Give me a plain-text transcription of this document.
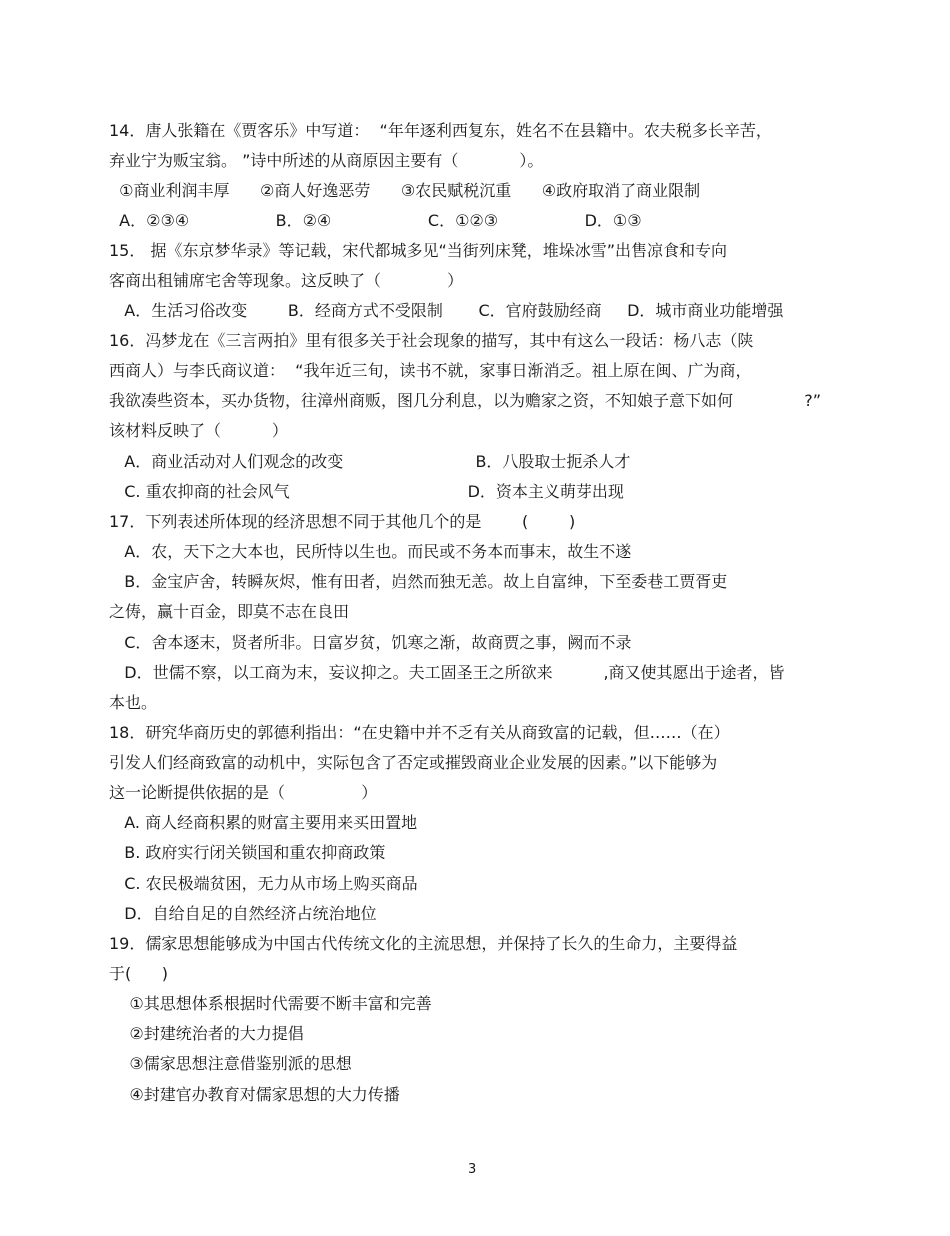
14．唐人张籍在《贾客乐》中写道：  “年年逐利西复东，姓名不在县籍中。农夫税多长辛苦，
弃业宁为贩宝翁。 ”诗中所述的从商原因主要有（            ）。
①商业利润丰厚      ②商人好逸恶劳      ③农民赋税沉重      ④政府取消了商业限制
A．②③④                 B．②④                   C．①②③                 D．①③
15． 据《东京梦华录》等记载，宋代都城多见“当街列床凳，堆垛冰雪”出售凉食和专向
客商出租铺席宅舍等现象。这反映了（             ）
A．生活习俗改变        B．经商方式不受限制       C．官府鼓励经商     D．城市商业功能增强
16．冯梦龙在《三言两拍》里有很多关于社会现象的描写，其中有这么一段话：杨八志（陕
西商人）与李氏商议道：  “我年近三旬，读书不就，家事日渐消乏。祖上原在闽、广为商，
我欲凑些资本，买办货物，往漳州商贩，图几分利息，以为赡家之资，不知娘子意下如何              ?”
该材料反映了（          ）
A．商业活动对人们观念的改变                          B．八股取士扼杀人才
C. 重农抑商的社会风气                                   D．资本主义萌芽出现
17．下列表述所体现的经济思想不同于其他几个的是        (        )
A．农，天下之大本也，民所恃以生也。而民或不务本而事末，故生不遂
B．金宝庐舍，转瞬灰烬，惟有田者，岿然而独无恙。故上自富绅，下至委巷工贾胥吏
之俦，赢十百金，即莫不志在良田
C．舍本逐末，贤者所非。日富岁贫，饥寒之渐，故商贾之事，阙而不录
D．世儒不察，以工商为末，妄议抑之。夫工固圣王之所欲来          ,商又使其愿出于途者，皆
本也。
18．研究华商历史的郭德利指出：“在史籍中并不乏有关从商致富的记载，但……（在）
引发人们经商致富的动机中，实际包含了否定或摧毁商业企业发展的因素。”以下能够为
这一论断提供依据的是（               ）
A. 商人经商积累的财富主要用来买田置地
B. 政府实行闭关锁国和重农抑商政策
C. 农民极端贫困，无力从市场上购买商品
D．自给自足的自然经济占统治地位
19．儒家思想能够成为中国古代传统文化的主流思想，并保持了长久的生命力，主要得益
于(      )
①其思想体系根据时代需要不断丰富和完善
②封建统治者的大力提倡
③儒家思想注意借鉴别派的思想
④封建官办教育对儒家思想的大力传播
3
